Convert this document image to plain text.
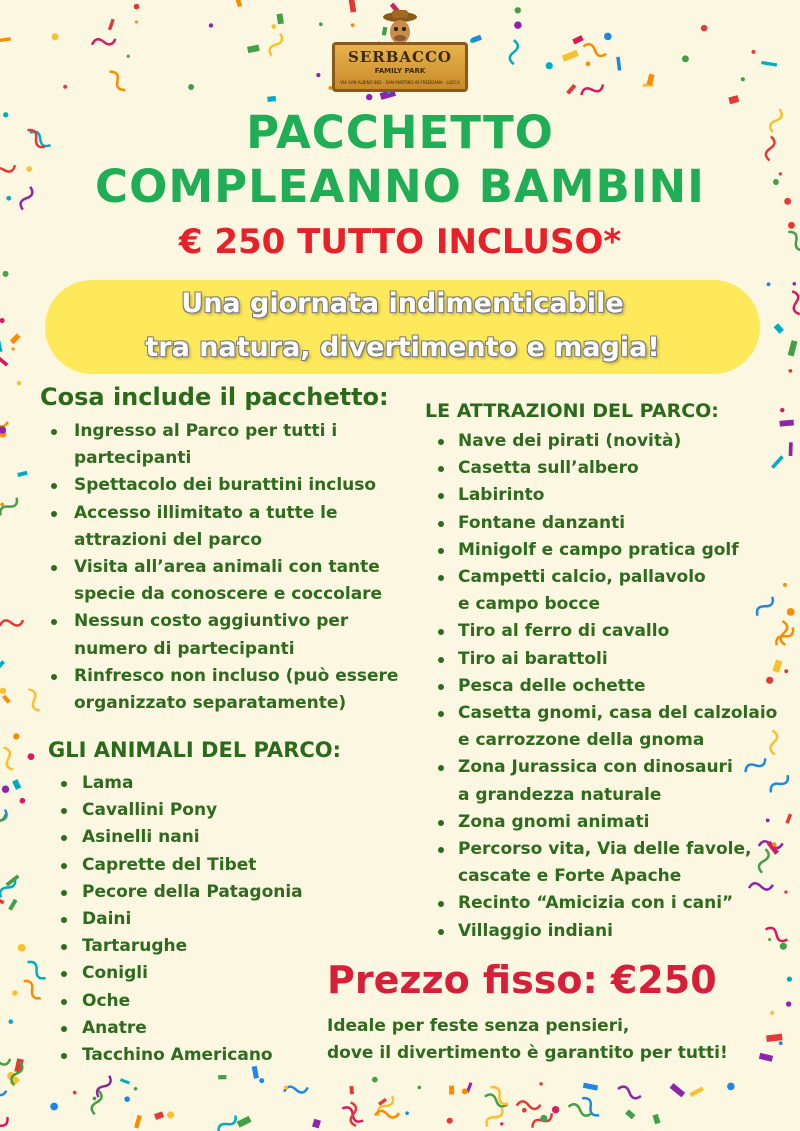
SERBACCO
FAMILY PARK
VIA SAN ALBINO 882 - SAN MARTINO IN FREDDANA - LUCCA
PACCHETTO
COMPLEANNO BAMBINI
€ 250 TUTTO INCLUSO*
Una giornata indimenticabile
tra natura, divertimento e magia!
Cosa include il pacchetto:
Ingresso al Parco per tutti i partecipanti
Spettacolo dei burattini incluso
Accesso illimitato a tutte le attrazioni del parco
Visita all’area animali con tante specie da conoscere e coccolare
Nessun costo aggiuntivo per numero di partecipanti
Rinfresco non incluso (può essere organizzato separatamente)
LE ATTRAZIONI DEL PARCO:
Nave dei pirati (novità)
Casetta sull’albero
Labirinto
Fontane danzanti
Minigolf e campo pratica golf
Campetti calcio, pallavolo
e campo bocce
Tiro al ferro di cavallo
Tiro ai barattoli
Pesca delle ochette
Casetta gnomi, casa del calzolaio
e carrozzone della gnoma
Zona Jurassica con dinosauri
a grandezza naturale
Zona gnomi animati
Percorso vita, Via delle favole,
cascate e Forte Apache
Recinto “Amicizia con i cani”
Villaggio indiani
GLI ANIMALI DEL PARCO:
Lama
Cavallini Pony
Asinelli nani
Caprette del Tibet
Pecore della Patagonia
Daini
Tartarughe
Conigli
Oche
Anatre
Tacchino Americano
Prezzo fisso: €250
Ideale per feste senza pensieri,
dove il divertimento è garantito per tutti!
